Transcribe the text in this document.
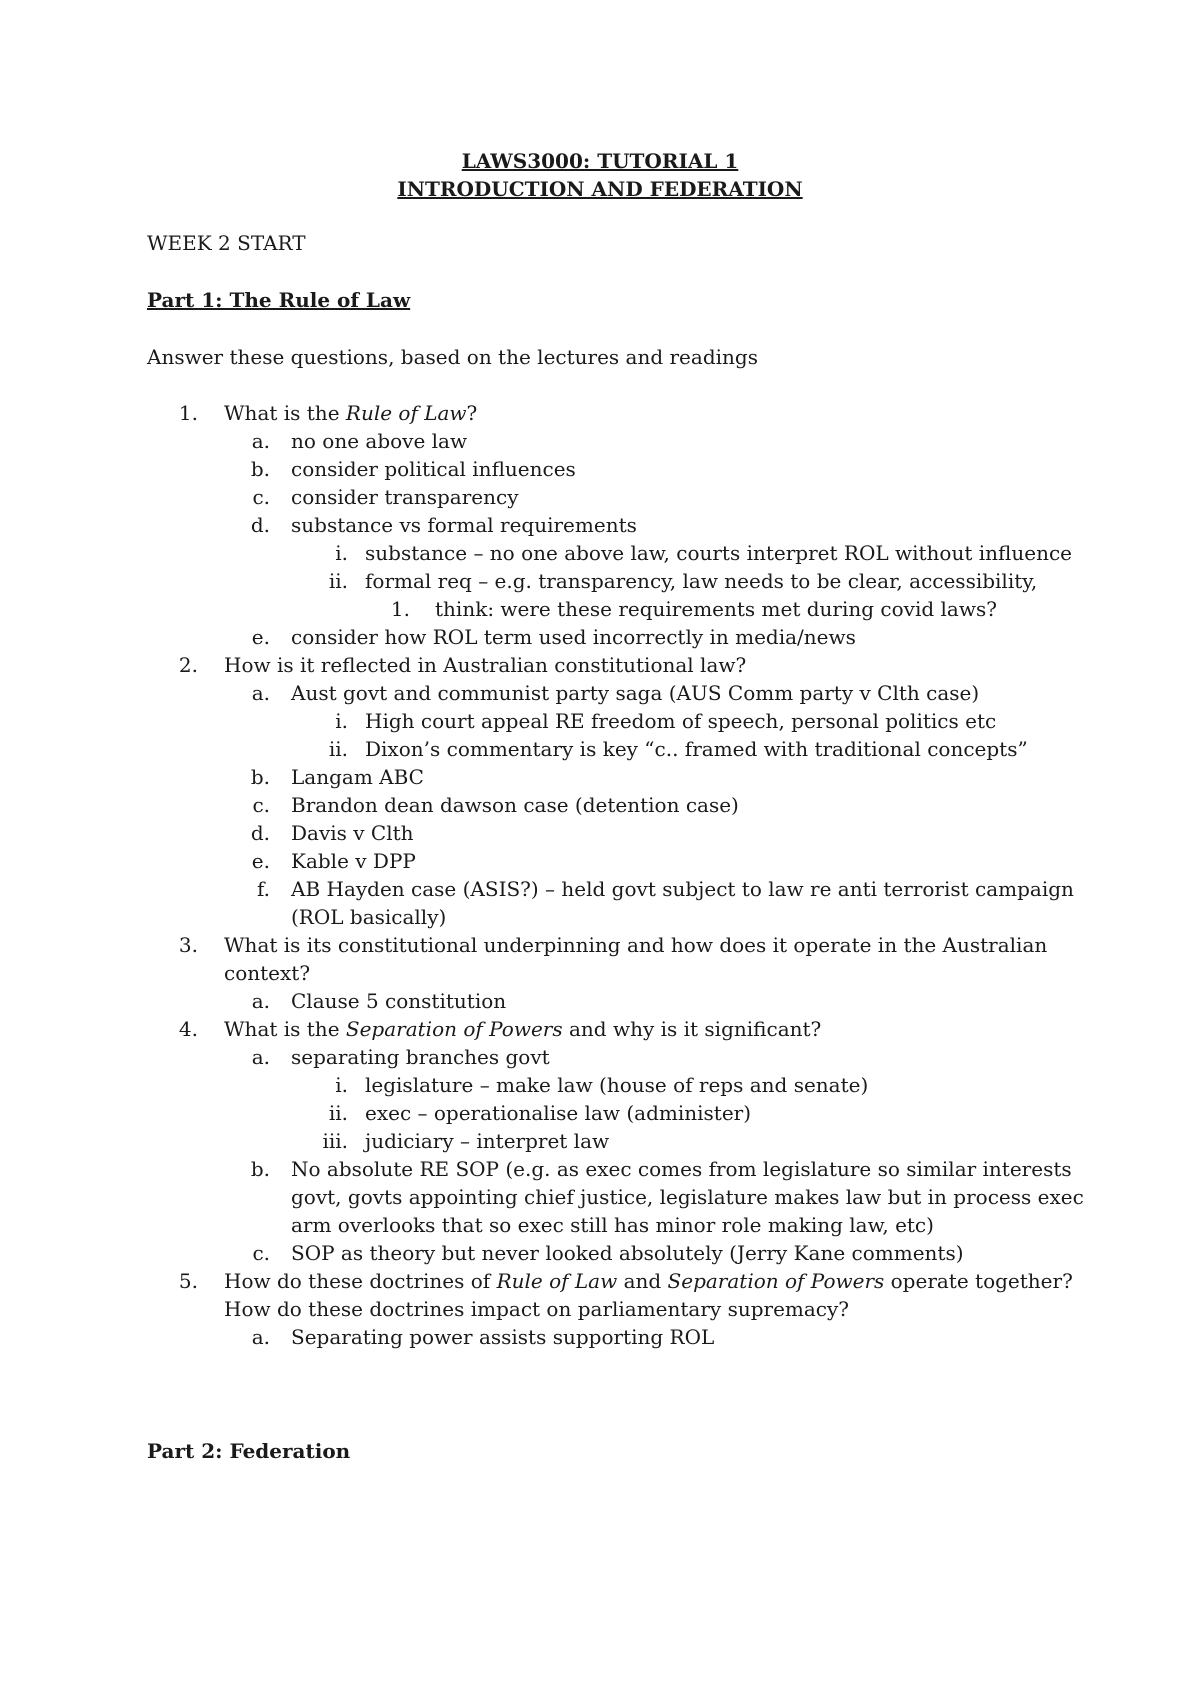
LAWS3000: TUTORIAL 1
INTRODUCTION AND FEDERATION
WEEK 2 START
Part 1: The Rule of Law
Answer these questions, based on the lectures and readings
1. What is the Rule of Law?
a. no one above law
b. consider political influences
c. consider transparency
d. substance vs formal requirements
i. substance – no one above law, courts interpret ROL without influence
ii. formal req – e.g. transparency, law needs to be clear, accessibility,
1. think: were these requirements met during covid laws?
e. consider how ROL term used incorrectly in media/news
2. How is it reflected in Australian constitutional law?
a. Aust govt and communist party saga (AUS Comm party v Clth case)
i. High court appeal RE freedom of speech, personal politics etc
ii. Dixon’s commentary is key “c.. framed with traditional concepts”
b. Langam ABC
c. Brandon dean dawson case (detention case)
d. Davis v Clth
e. Kable v DPP
f. AB Hayden case (ASIS?) – held govt subject to law re anti terrorist campaign
(ROL basically)
3. What is its constitutional underpinning and how does it operate in the Australian
context?
a. Clause 5 constitution
4. What is the Separation of Powers and why is it significant?
a. separating branches govt
i. legislature – make law (house of reps and senate)
ii. exec – operationalise law (administer)
iii. judiciary – interpret law
b. No absolute RE SOP (e.g. as exec comes from legislature so similar interests
govt, govts appointing chief justice, legislature makes law but in process exec
arm overlooks that so exec still has minor role making law, etc)
c. SOP as theory but never looked absolutely (Jerry Kane comments)
5. How do these doctrines of Rule of Law and Separation of Powers operate together?
How do these doctrines impact on parliamentary supremacy?
a. Separating power assists supporting ROL
Part 2: Federation
